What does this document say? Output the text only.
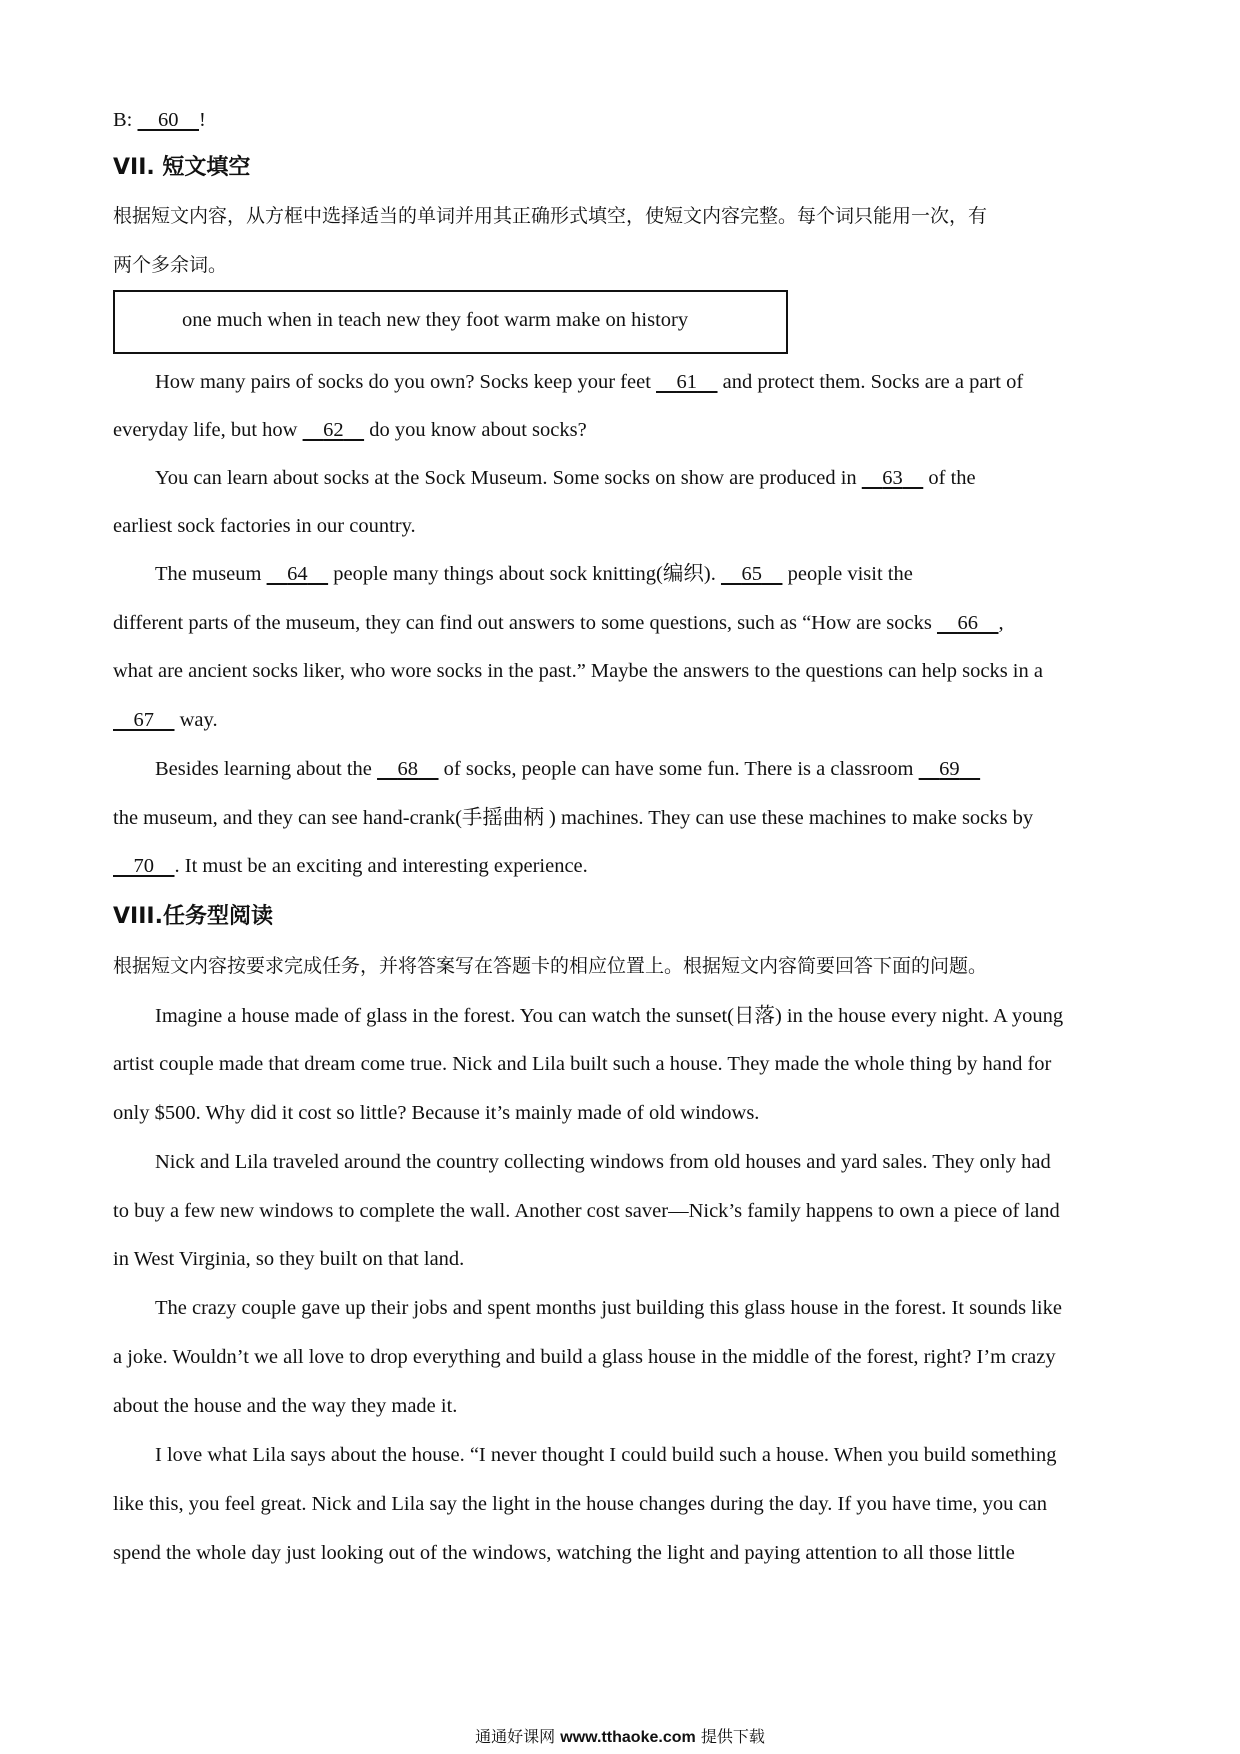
B: 60 !
VII. 短文填空
根据短文内容，从方框中选择适当的单词并用其正确形式填空，使短文内容完整。每个词只能用一次，有
两个多余词。
one much when in teach new they foot warm make on history
How many pairs of socks do you own? Socks keep your feet     61     and protect them. Socks are a part of
everyday life, but how     62     do you know about socks?
You can learn about socks at the Sock Museum. Some socks on show are produced in     63     of the
earliest sock factories in our country.
The museum     64     people many things about sock knitting(编织).     65     people visit the
different parts of the museum, they can find out answers to some questions, such as “How are socks     66 ,
what are ancient socks liker, who wore socks in the past.” Maybe the answers to the questions can help socks in a
67     way.
Besides learning about the     68     of socks, people can have some fun. There is a classroom     69
the museum, and they can see hand-crank(手摇曲柄 ) machines. They can use these machines to make socks by
70 . It must be an exciting and interesting experience.
VIII.任务型阅读
根据短文内容按要求完成任务，并将答案写在答题卡的相应位置上。根据短文内容简要回答下面的问题。
Imagine a house made of glass in the forest. You can watch the sunset(日落) in the house every night. A young
artist couple made that dream come true. Nick and Lila built such a house. They made the whole thing by hand for
only $500. Why did it cost so little? Because it’s mainly made of old windows.
Nick and Lila traveled around the country collecting windows from old houses and yard sales. They only had
to buy a few new windows to complete the wall. Another cost saver—Nick’s family happens to own a piece of land
in West Virginia, so they built on that land.
The crazy couple gave up their jobs and spent months just building this glass house in the forest. It sounds like
a joke. Wouldn’t we all love to drop everything and build a glass house in the middle of the forest, right? I’m crazy
about the house and the way they made it.
I love what Lila says about the house. “I never thought I could build such a house. When you build something
like this, you feel great. Nick and Lila say the light in the house changes during the day. If you have time, you can
spend the whole day just looking out of the windows, watching the light and paying attention to all those little
通通好课网 www.tthaoke.com 提供下载
